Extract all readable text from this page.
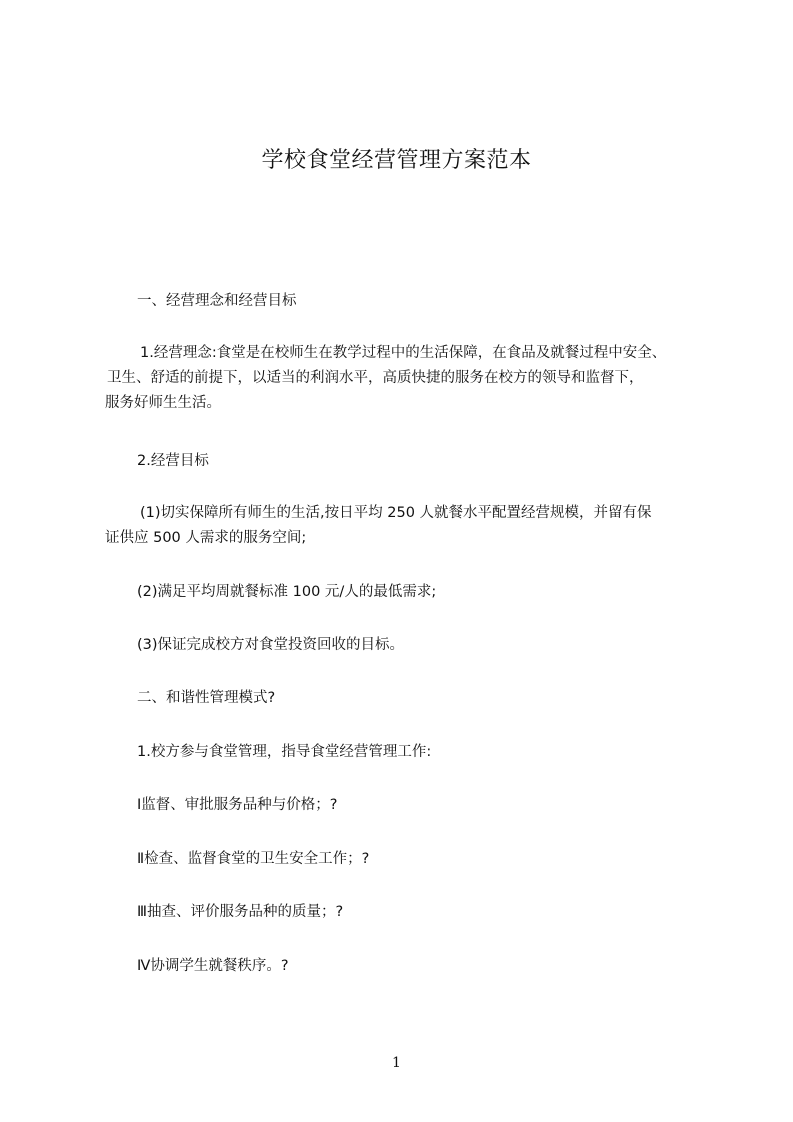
学校食堂经营管理方案范本
一、经营理念和经营目标
1.经营理念:食堂是在校师生在教学过程中的生活保障，在食品及就餐过程中安全、
卫生、舒适的前提下，以适当的利润水平，高质快捷的服务在校方的领导和监督下，
服务好师生生活。
2.经营目标
(1)切实保障所有师生的生活,按日平均 250 人就餐水平配置经营规模，并留有保
证供应 500 人需求的服务空间;
(2)满足平均周就餐标准 100 元/人的最低需求;
(3)保证完成校方对食堂投资回收的目标。
二、和谐性管理模式?
1.校方参与食堂管理，指导食堂经营管理工作:
Ⅰ监督、审批服务品种与价格；?
Ⅱ检查、监督食堂的卫生安全工作；?
Ⅲ抽查、评价服务品种的质量；?
Ⅳ协调学生就餐秩序。?
1
